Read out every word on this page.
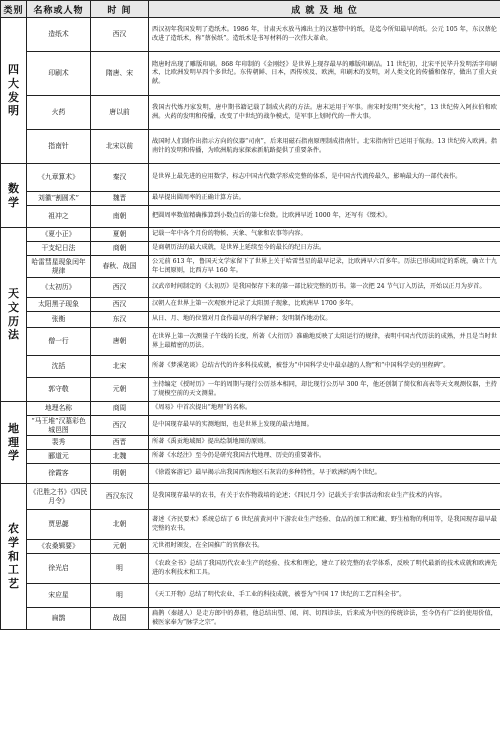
类别	名称或人物	时 间	成 就 及 地 位

四
大
发
明	造纸术	西汉	西汉初年我国发明了造纸术。1986 年，甘肃天水放马滩出土的汉墓带中的纸，是迄今所知最早的纸。公元 105 年，东汉蔡伦改进了造纸术，称“蔡侯纸”。造纸术是书写材料的一次伟大革命。
	印刷术	隋唐、宋	隋唐时出现了雕版印刷。868 年印制的《金刚经》是世界上现存最早的雕版印刷品。11 世纪初，北宋平民毕升发明活字印刷术，比欧洲发明早四个多世纪。东传朝鲜、日本，西传埃及、欧洲，印刷术的发明，对人类文化的传播和保存，做出了重大贡献。
	火药	唐以前	我国古代炼丹家发明，唐中期书籍记载了制成火药的方法。唐末运用于军事。南宋时发明“突火枪”，13 世纪传入阿拉伯和欧洲。火药的发明和传播，改变了中世纪的战争模式，是军事上划时代的一件大事。
	指南针	北宋以前	战国时人们制作出指示方向的仪器“司南”，后来用磁石指南原理制成指南针。北宋指南针已运用于航海。13 世纪传入欧洲。指南针的发明和传播，为欧洲航海家探索新航路提供了重要条件。

数
学	《九章算术》	秦汉	是世界上最先进的应用数学，标志中国古代数学形成完整的体系，是中国古代流传最久，影响最大的一部代表作。
	刘徽“割圆术”	魏晋	最早提出圆周率的正确计算方法。
	祖冲之	南朝	把圆周率数值精确推算到小数点后的第七位数。比欧洲早近 1000 年，还写有《缀术》。

天
文
历
法	《夏小正》	夏朝	记载一年中各个月份的物候、天象、气象和农事等内容。
	干支纪日法	商朝	是商朝历法的最大成就，是世界上延续至今的最长的纪日方法。
	哈雷彗星现象闰年规律	春秋、战国	公元前 613 年，鲁国天文学家留下了世界上关于哈雷彗星的最早记录，比欧洲早六百多年。历法已形成固定的系统，确立十九年七闰原则，比西方早 160 年。
	《太初历》	西汉	汉武帝时间制定的《太初历》是我国保存下来的第一部比较完整的历书。第一次把 24 节气订入历法，开始以正月为岁首。
	太阳黑子现象	西汉	汉朝人在世界上第一次观察并记录了太阳黑子现象，比欧洲早 1700 多年。
	张衡	东汉	从日、月、地的位置对月食作最早的科学解释；发明制作地动仪。
	僧一行	唐朝	在世界上第一次测量子午线的长度，所著《大衍历》准确地反映了太阳运行的规律，表明中国古代历法的成熟，并且是当时世界上最精密的历法。
	沈括	北宋	所著《梦溪笔谈》总结古代的许多科技成就，被誉为“中国科学史中最卓越的人物”和“中国科学史的里程碑”。
	郭守敬	元朝	主持编定《授时历》一年的周期与现行公历基本相同，却比现行公历早 300 年，他还创制了简仪和高表等天文观测仪器，主持了规模空前的天文测量。

地
理
学	地理名称	商周	《周易》中首次提出“地理”的名称。
	“马王堆”汉墓彩色城邑图	西汉	是中国现存最早的实测地图，也是世界上发现的最古地图。
	裴秀	西晋	所著《禹贡地域图》提出绘制地图的原则。
	郦道元	北魏	所著《水经注》至今仍是研究我国古代地理、历史的重要著作。
	徐霞客	明朝	《徐霞客游记》最早揭示出我国西南地区石灰岩的多种特性，早于欧洲约两个世纪。

农
学
和
工
艺	《氾胜之书》《四民月令》	西汉东汉	是我国现存最早的农书，有关于农作物栽培的论述；《四民月令》记载关于农事活动和农业生产技术的内容。
	贾思勰	北朝	著述《齐民要术》系统总结了 6 世纪前黄河中下游农业生产经验、食品的加工和贮藏、野生植物的利用等，是我国现存最早最完整的农书。
	《农桑辑要》	元朝	元世祖时颁发，在全国推广的官修农书。
	徐光启	明	《农政全书》总结了我国历代农业生产的经验、技术和理论，建立了较完整的农学体系，反映了明代最新的技术成就和欧洲先进的水利技术和工具。
	宋应星	明	《天工开物》总结了明代农业、手工业的科技成就，被誉为“中国 17 世纪的工艺百科全书”。
	扁鹊	战国	扁鹊（秦越人）是走方郎中的鼻祖，他总结出望、闻、问、切四诊法，后来成为中医的传统诊法，至今仍有广泛的使用价值，被医家奉为“脉学之宗”。
